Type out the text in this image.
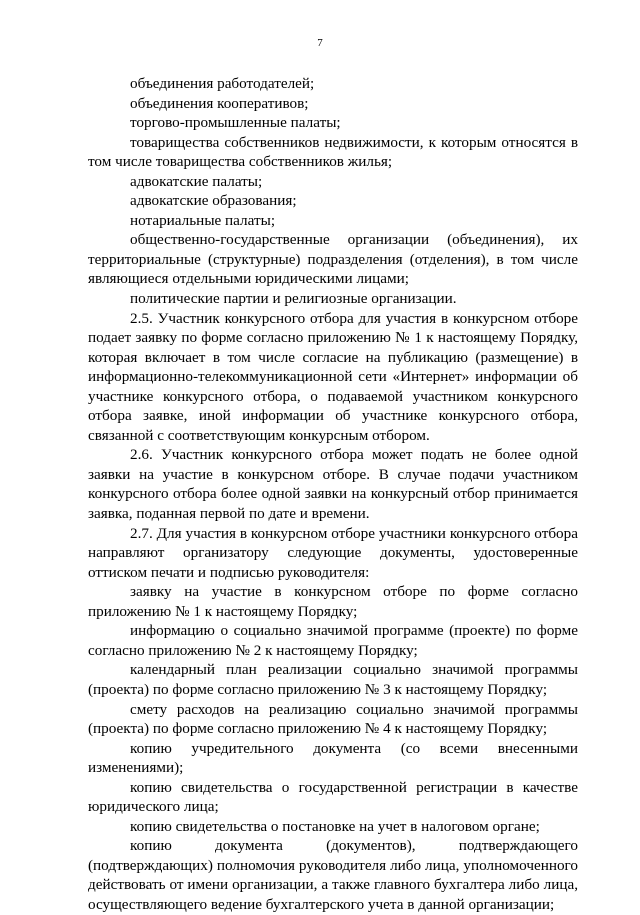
7

объединения работодателей;

объединения кооперативов;

торгово-промышленные палаты;

товарищества собственников недвижимости, к которым относятся в том числе товарищества собственников жилья;

адвокатские палаты;

адвокатские образования;

нотариальные палаты;

общественно-государственные организации (объединения), их территориальные (структурные) подразделения (отделения), в том числе являющиеся отдельными юридическими лицами;

политические партии и религиозные организации.

2.5. Участник конкурсного отбора для участия в конкурсном отборе подает заявку по форме согласно приложению № 1 к настоящему Порядку, которая включает в том числе согласие на публикацию (размещение) в информационно-телекоммуникационной сети «Интернет» информации об участнике конкурсного отбора, о подаваемой участником конкурсного отбора заявке, иной информации об участнике конкурсного отбора, связанной с соответствующим конкурсным отбором.

2.6. Участник конкурсного отбора может подать не более одной заявки на участие в конкурсном отборе. В случае подачи участником конкурсного отбора более одной заявки на конкурсный отбор принимается заявка, поданная первой по дате и времени.

2.7. Для участия в конкурсном отборе участники конкурсного отбора направляют организатору следующие документы, удостоверенные оттиском печати и подписью руководителя:

заявку на участие в конкурсном отборе по форме согласно приложению № 1 к настоящему Порядку;

информацию о социально значимой программе (проекте) по форме согласно приложению № 2 к настоящему Порядку;

календарный план реализации социально значимой программы (проекта) по форме согласно приложению № 3 к настоящему Порядку;

смету расходов на реализацию социально значимой программы (проекта) по форме согласно приложению № 4 к настоящему Порядку;

копию учредительного документа (со всеми внесенными изменениями);

копию свидетельства о государственной регистрации в качестве юридического лица;

копию свидетельства о постановке на учет в налоговом органе;

копию документа (документов), подтверждающего (подтверждающих) полномочия руководителя либо лица, уполномоченного действовать от имени организации, а также главного бухгалтера либо лица, осуществляющего ведение бухгалтерского учета в данной организации;
